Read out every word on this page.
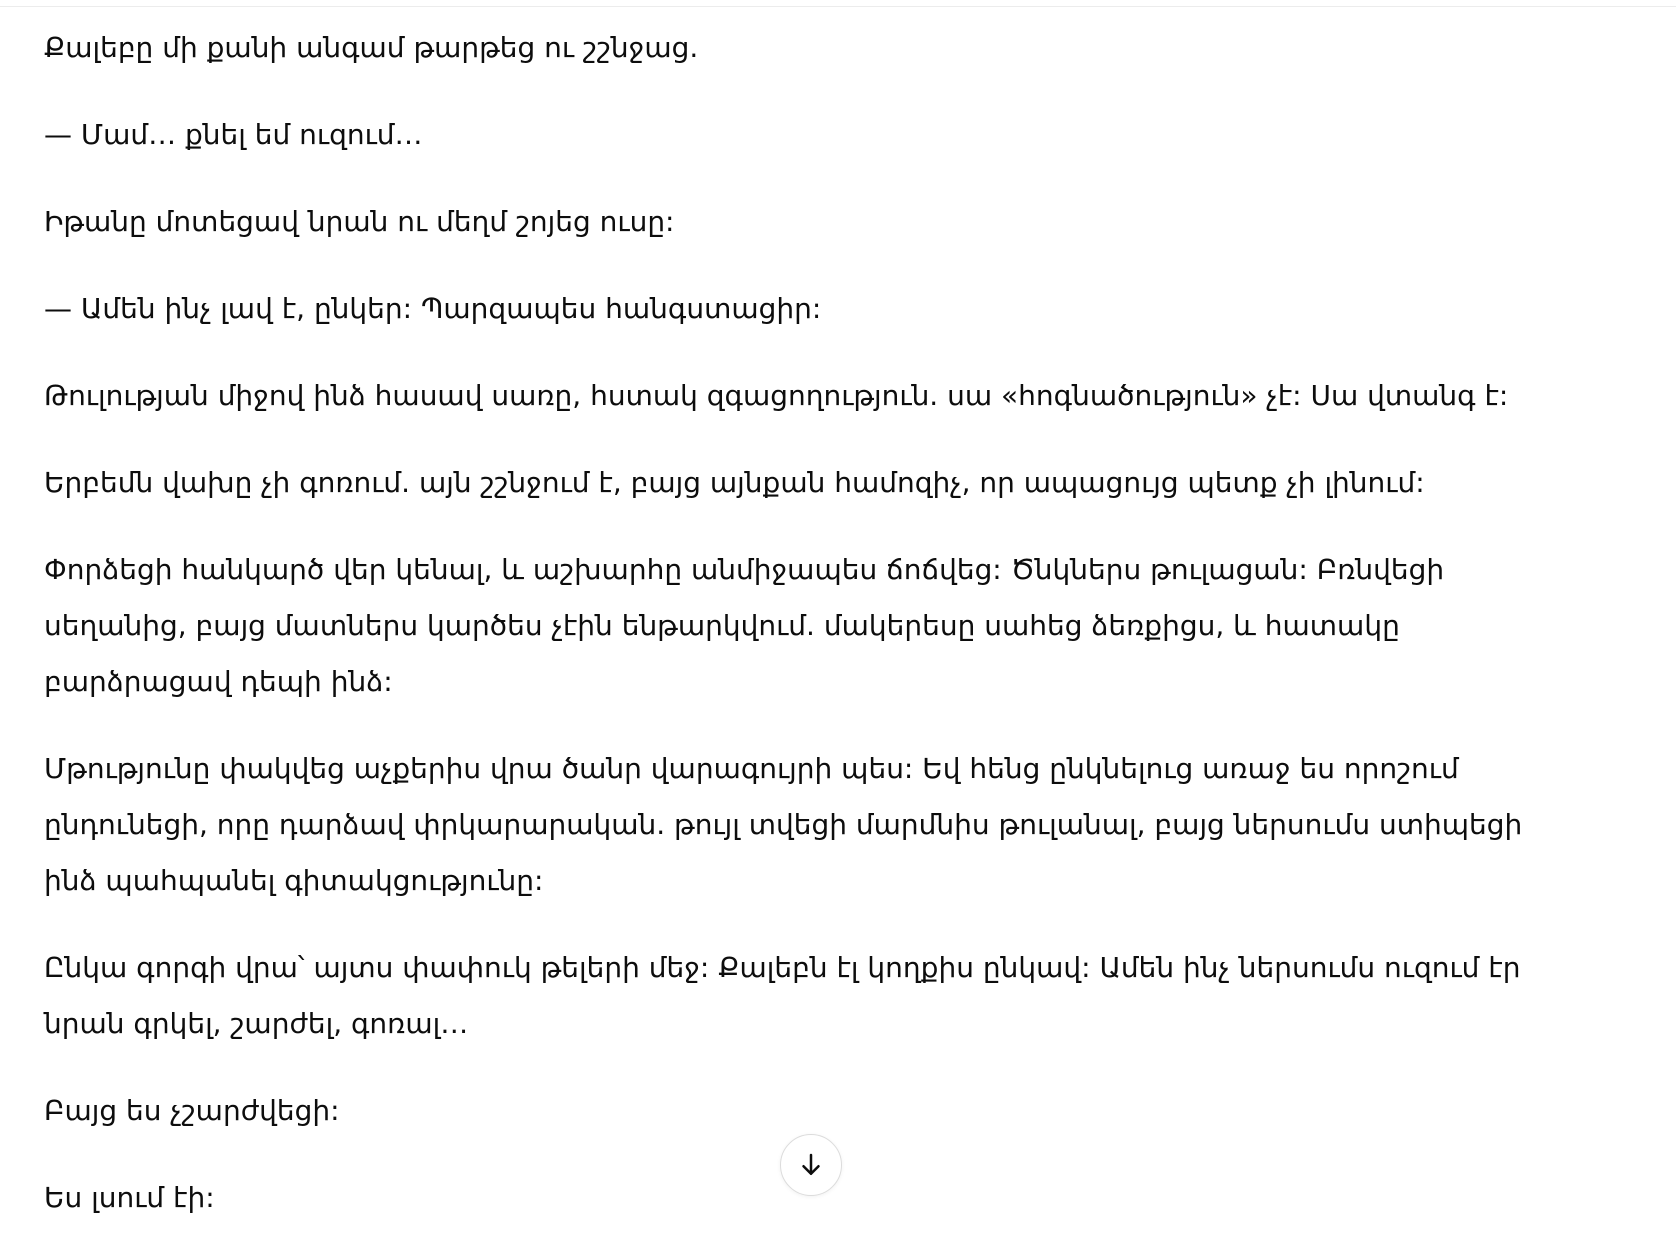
Քալեբը մի քանի անգամ թարթեց ու շշնջաց.

— Մամ… քնել եմ ուզում…

Իթանը մոտեցավ նրան ու մեղմ շոյեց ուսը:

— Ամեն ինչ լավ է, ընկեր: Պարզապես հանգստացիր:

Թուլության միջով ինձ հասավ սառը, հստակ զգացողություն. սա «հոգնածություն» չէ: Սա վտանգ է:

Երբեմն վախը չի գոռում. այն շշնջում է, բայց այնքան համոզիչ, որ ապացույց պետք չի լինում:

Փորձեցի հանկարծ վեր կենալ, և աշխարհը անմիջապես ճոճվեց: Ծնկներս թուլացան: Բռնվեցի սեղանից, բայց մատներս կարծես չէին ենթարկվում. մակերեսը սահեց ձեռքիցս, և հատակը բարձրացավ դեպի ինձ:

Մթությունը փակվեց աչքերիս վրա ծանր վարագույրի պես: Եվ հենց ընկնելուց առաջ ես որոշում ընդունեցի, որը դարձավ փրկարարական. թույլ տվեցի մարմնիս թուլանալ, բայց ներսումս ստիպեցի ինձ պահպանել գիտակցությունը:

Ընկա գորգի վրա՝ այտս փափուկ թելերի մեջ: Քալեբն էլ կողքիս ընկավ: Ամեն ինչ ներսումս ուզում էր նրան գրկել, շարժել, գոռալ…

Բայց ես չշարժվեցի:

Ես լսում էի:
